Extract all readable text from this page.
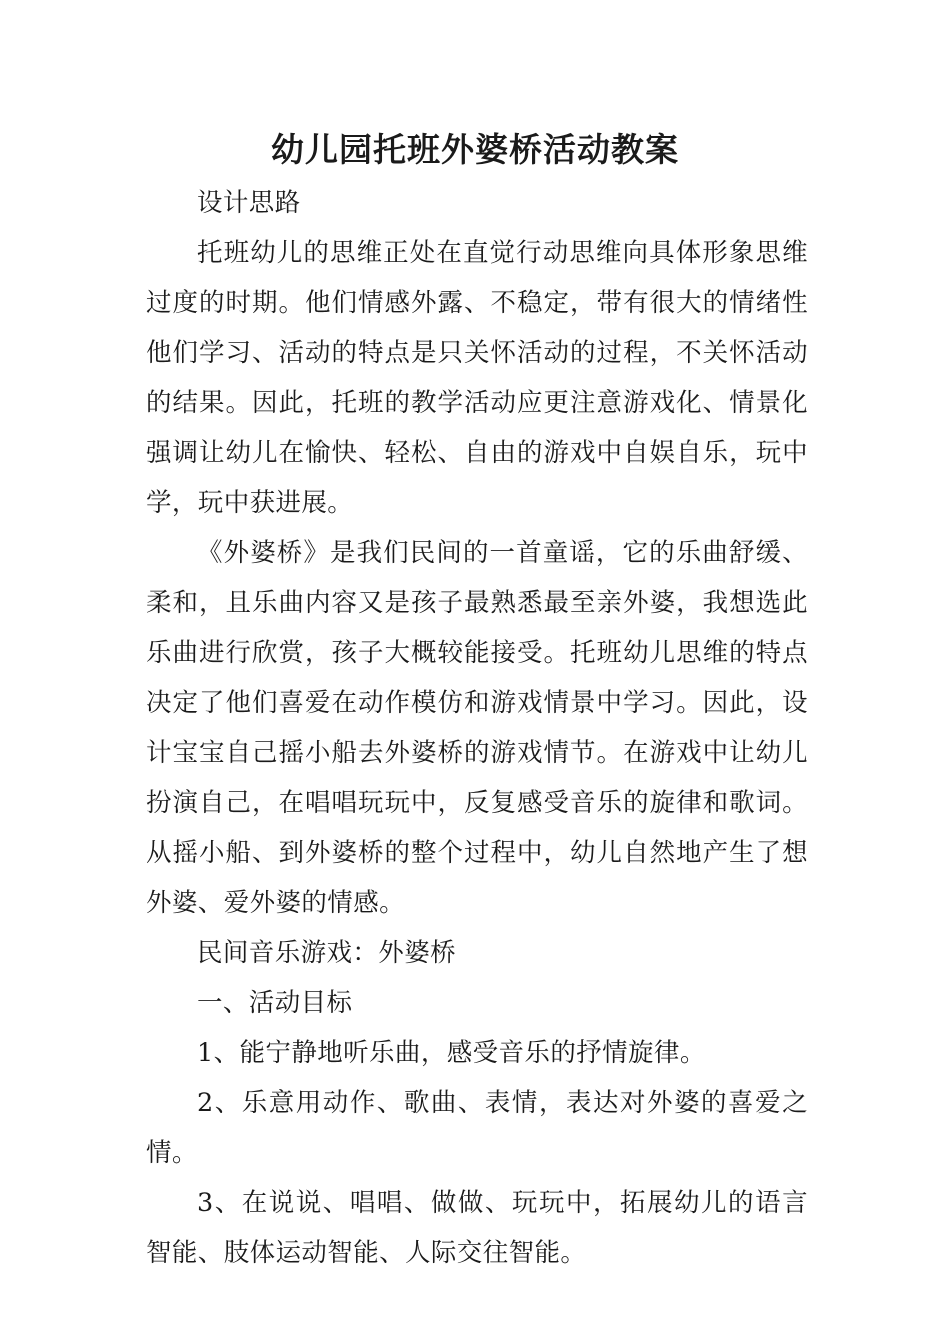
幼儿园托班外婆桥活动教案

设计思路

托班幼儿的思维正处在直觉行动思维向具体形象思维过度的时期。他们情感外露、不稳定，带有很大的情绪性他们学习、活动的特点是只关怀活动的过程，不关怀活动的结果。因此，托班的教学活动应更注意游戏化、情景化强调让幼儿在愉快、轻松、自由的游戏中自娱自乐，玩中学，玩中获进展。

《外婆桥》是我们民间的一首童谣，它的乐曲舒缓、柔和，且乐曲内容又是孩子最熟悉最至亲外婆，我想选此乐曲进行欣赏，孩子大概较能接受。托班幼儿思维的特点决定了他们喜爱在动作模仿和游戏情景中学习。因此，设计宝宝自己摇小船去外婆桥的游戏情节。在游戏中让幼儿扮演自己，在唱唱玩玩中，反复感受音乐的旋律和歌词。从摇小船、到外婆桥的整个过程中，幼儿自然地产生了想外婆、爱外婆的情感。

民间音乐游戏：外婆桥

一、活动目标

1、能宁静地听乐曲，感受音乐的抒情旋律。

2、乐意用动作、歌曲、表情，表达对外婆的喜爱之情。

3、在说说、唱唱、做做、玩玩中，拓展幼儿的语言智能、肢体运动智能、人际交往智能。
